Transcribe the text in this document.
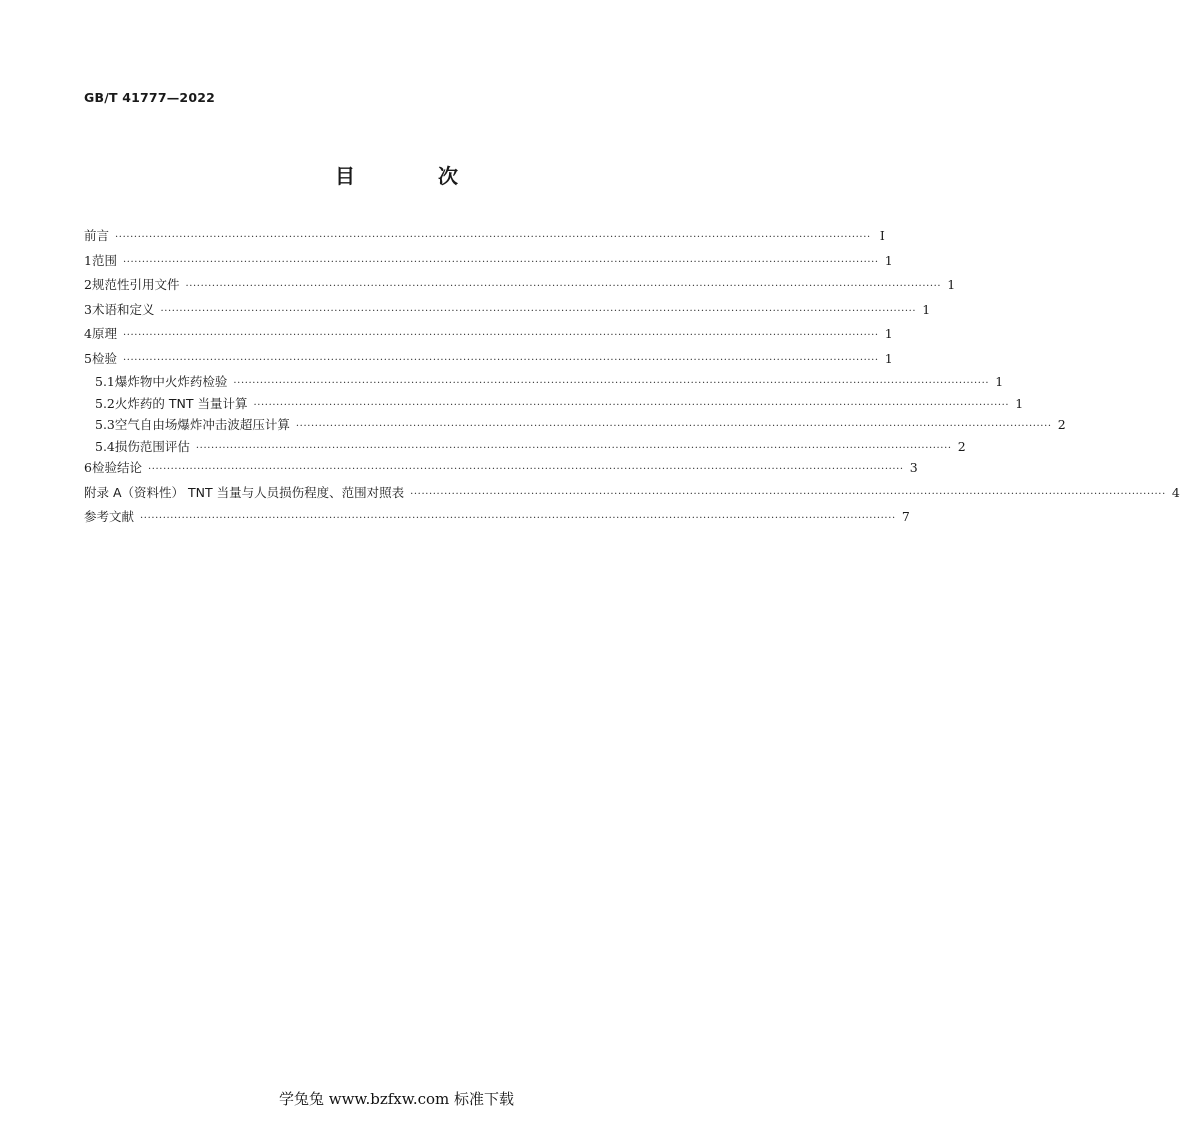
GB/T 41777—2022
目 次
前言 ········································································································································································································ I
1 范围 ········································································································································································································ 1
2 规范性引用文件 ········································································································································································································ 1
3 术语和定义 ········································································································································································································ 1
4 原理 ········································································································································································································ 1
5 检验 ········································································································································································································ 1
5.1 爆炸物中火炸药检验 ········································································································································································································ 1
5.2 火炸药的 TNT 当量计算 ········································································································································································································ 1
5.3 空气自由场爆炸冲击波超压计算 ········································································································································································································ 2
5.4 损伤范围评估 ········································································································································································································ 2
6 检验结论 ········································································································································································································ 3
附录 A（资料性） TNT 当量与人员损伤程度、范围对照表 ········································································································································································································ 4
参考文献 ········································································································································································································ 7
学兔兔 www.bzfxw.com 标准下载
